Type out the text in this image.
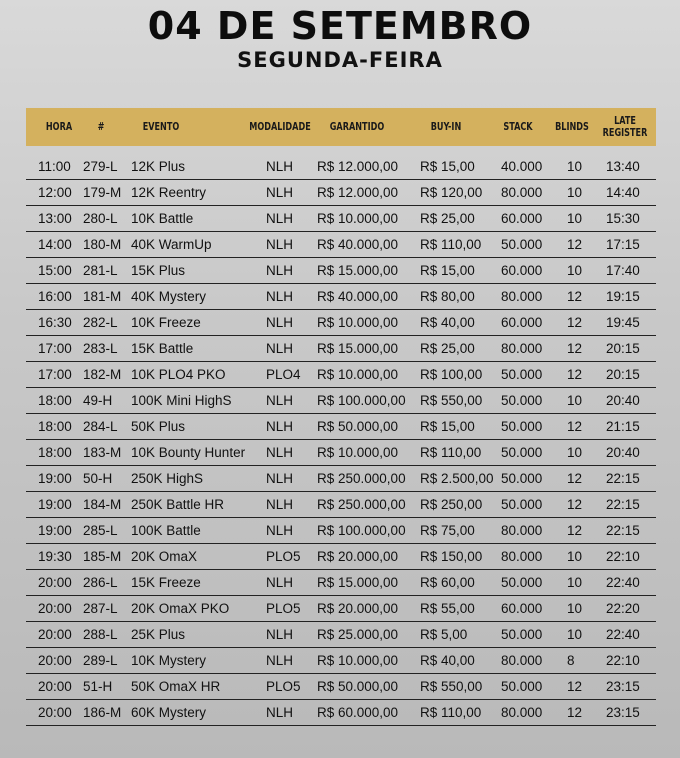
04 DE SETEMBRO
SEGUNDA-FEIRA
HORA	#	EVENTO	MODALIDADE GARANTIDO	BUY-IN	STACK BLINDS LATE
REGISTER
11:00 279-L 12K Plus	NLH R$ 12.000,00 R$ 15,00 40.000 10 13:40
12:00 179-M 12K Reentry	NLH R$ 12.000,00 R$ 120,00 80.000 10 14:40
13:00 280-L 10K Battle	NLH R$ 10.000,00 R$ 25,00 60.000 10 15:30
14:00 180-M 40K WarmUp	NLH R$ 40.000,00 R$ 110,00 50.000 12 17:15
15:00 281-L 15K Plus	NLH R$ 15.000,00 R$ 15,00 60.000 10 17:40
16:00 181-M 40K Mystery	NLH R$ 40.000,00 R$ 80,00 80.000 12 19:15
16:30 282-L 10K Freeze	NLH R$ 10.000,00 R$ 40,00 60.000 12 19:45
17:00 283-L 15K Battle	NLH R$ 15.000,00 R$ 25,00 80.000 12 20:15
17:00 182-M 10K PLO4 PKO	PLO4 R$ 10.000,00 R$ 100,00 50.000 12 20:15
18:00 49-H 100K Mini HighS	NLH R$ 100.000,00 R$ 550,00 50.000 10 20:40
18:00 284-L 50K Plus	NLH R$ 50.000,00 R$ 15,00 50.000 12 21:15
18:00 183-M 10K Bounty Hunter NLH R$ 10.000,00 R$ 110,00 50.000 10 20:40
19:00 50-H 250K HighS	NLH R$ 250.000,00 R$ 2.500,00 50.000 12 22:15
19:00 184-M 250K Battle HR	NLH R$ 250.000,00 R$ 250,00 50.000 12 22:15
19:00 285-L 100K Battle	NLH R$ 100.000,00 R$ 75,00 80.000 12 22:15
19:30 185-M 20K OmaX	PLO5 R$ 20.000,00 R$ 150,00 80.000 10 22:10
20:00 286-L 15K Freeze	NLH R$ 15.000,00 R$ 60,00 50.000 10 22:40
20:00 287-L 20K OmaX PKO	PLO5 R$ 20.000,00 R$ 55,00 60.000 10 22:20
20:00 288-L 25K Plus	NLH R$ 25.000,00 R$ 5,00 50.000 10 22:40
20:00 289-L 10K Mystery	NLH R$ 10.000,00 R$ 40,00 80.000 8 22:10
20:00 51-H 50K OmaX HR	PLO5 R$ 50.000,00 R$ 550,00 50.000 12 23:15
20:00 186-M 60K Mystery	NLH R$ 60.000,00 R$ 110,00 80.000 12 23:15
